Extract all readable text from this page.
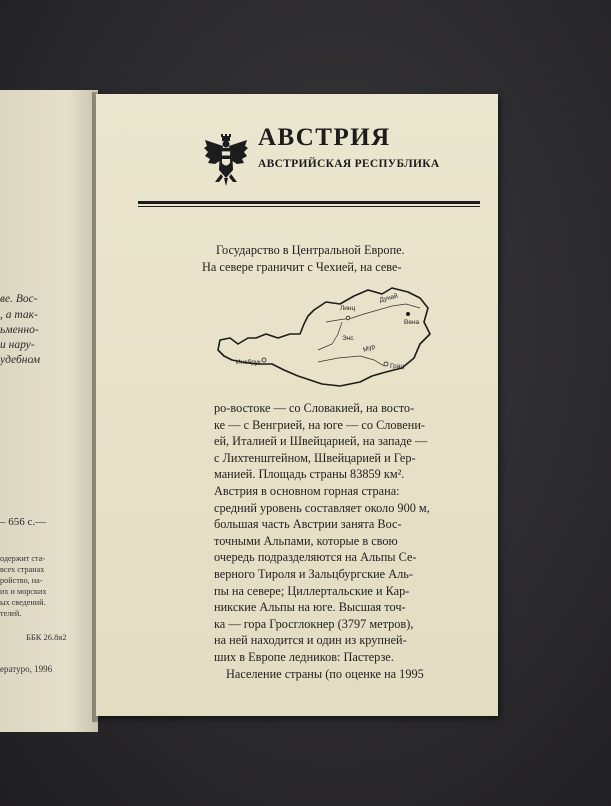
ве. Вос-
, а так-
ьменно-
и нару-
удебном
– 656 с.—
одержит ста-
всех странах
ройство, на-
их и морских
ых сведений.
телей.
ББК 26.8я2
ературо, 1996
АВСТРИЯ
АВСТРИЙСКАЯ РЕСПУБЛИКА
Государство в Центральной Европе.
На севере граничит с Чехией, на севе-
Линц
Вена
Инсбрук
Грац
Дунай
Энс
Мур
ро-востоке — со Словакией, на восто-
ке — с Венгрией, на юге — со Словени-
ей, Италией и Швейцарией, на западе —
с Лихтенштейном, Швейцарией и Гер-
манией. Площадь страны 83859 км².
Австрия в основном горная страна:
средний уровень составляет около 900 м,
большая часть Австрии занята Вос-
точными Альпами, которые в свою
очередь подразделяются на Альпы Се-
верного Тироля и Зальцбургские Аль-
пы на севере; Циллертальские и Кар-
никские Альпы на юге. Высшая точ-
ка — гора Гросглокнер (3797 метров),
на ней находится и один из крупней-
ших в Европе ледников: Пастерзе.
Население страны (по оценке на 1995
